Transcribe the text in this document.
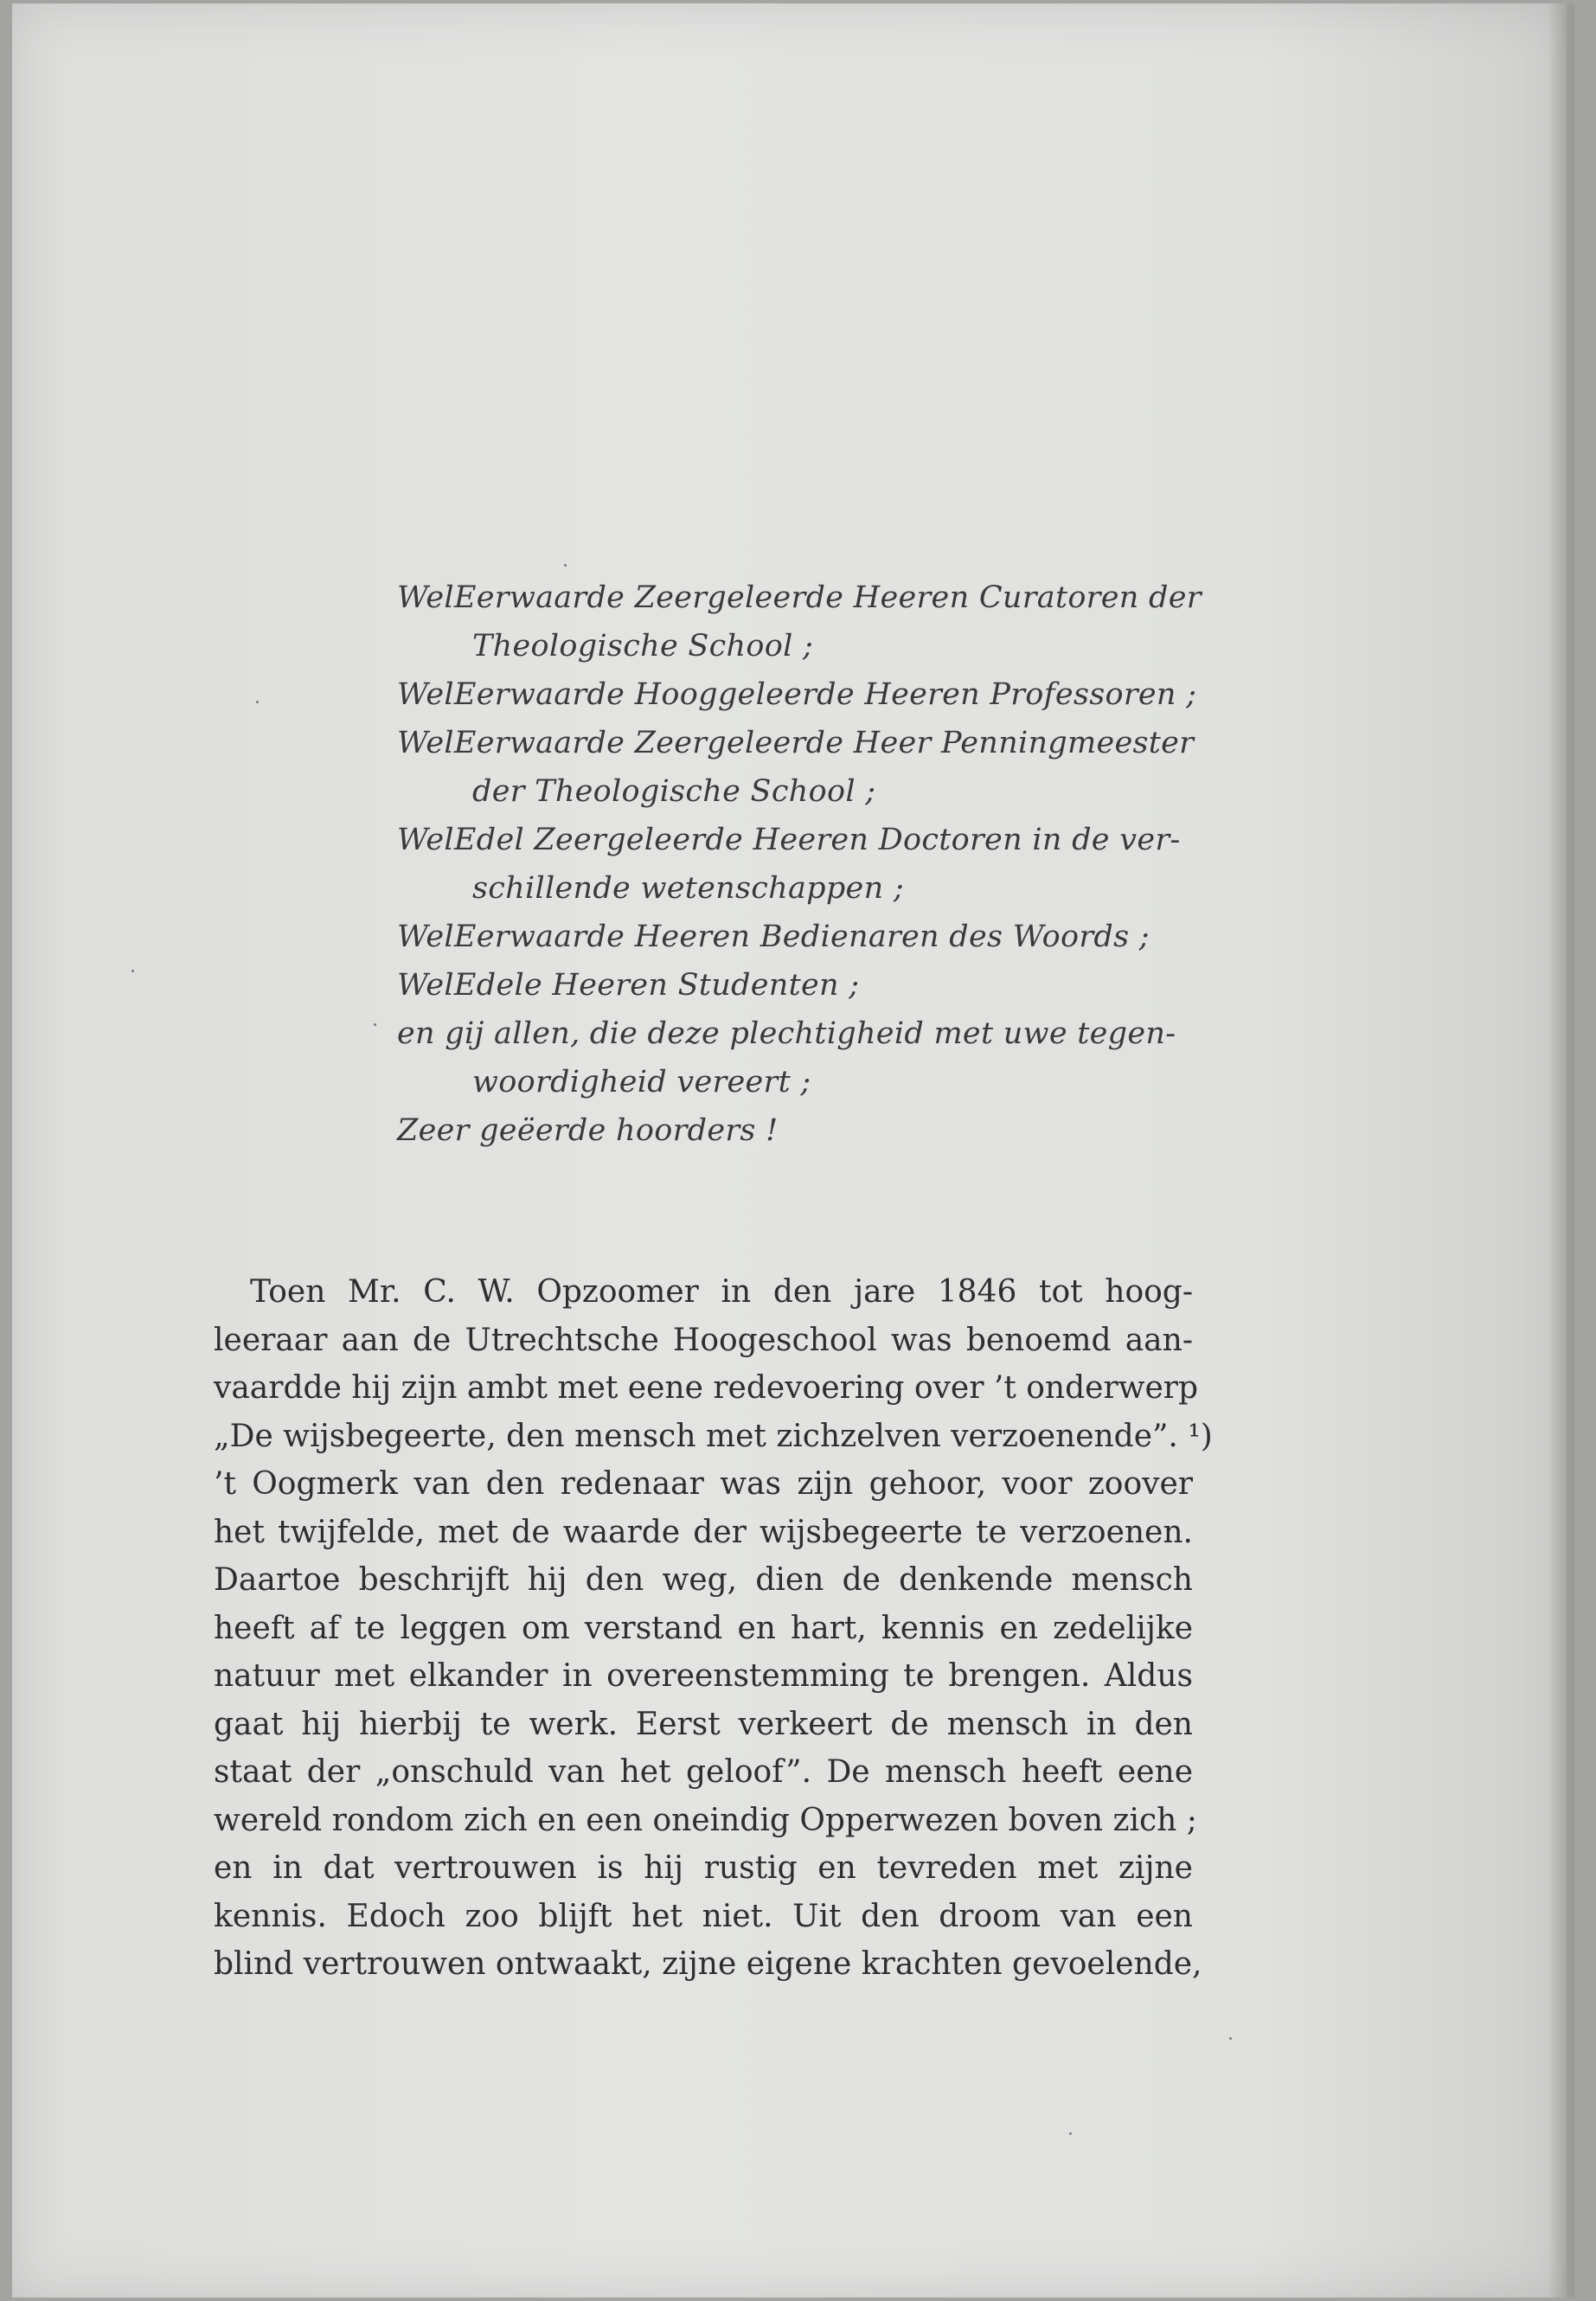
WelEerwaarde Zeergeleerde Heeren Curatoren der

Theologische School ;

WelEerwaarde Hooggeleerde Heeren Professoren ;

WelEerwaarde Zeergeleerde Heer Penningmeester

der Theologische School ;

WelEdel Zeergeleerde Heeren Doctoren in de ver-

schillende wetenschappen ;

WelEerwaarde Heeren Bedienaren des Woords ;

WelEdele Heeren Studenten ;

en gij allen, die deze plechtigheid met uwe tegen-

woordigheid vereert ;

Zeer geëerde hoorders !

Toen Mr. C. W. Opzoomer in den jare 1846 tot hoog-
leeraar aan de Utrechtsche Hoogeschool was benoemd aan-
vaardde hij zijn ambt met eene redevoering over ’t onderwerp
„De wijsbegeerte, den mensch met zichzelven verzoenende”. ¹)
’t Oogmerk van den redenaar was zijn gehoor, voor zoover
het twijfelde, met de waarde der wijsbegeerte te verzoenen.
Daartoe beschrijft hij den weg, dien de denkende mensch
heeft af te leggen om verstand en hart, kennis en zedelijke
natuur met elkander in overeenstemming te brengen. Aldus
gaat hij hierbij te werk. Eerst verkeert de mensch in den
staat der „onschuld van het geloof”. De mensch heeft eene
wereld rondom zich en een oneindig Opperwezen boven zich ;
en in dat vertrouwen is hij rustig en tevreden met zijne
kennis. Edoch zoo blijft het niet. Uit den droom van een
blind vertrouwen ontwaakt, zijne eigene krachten gevoelende,
